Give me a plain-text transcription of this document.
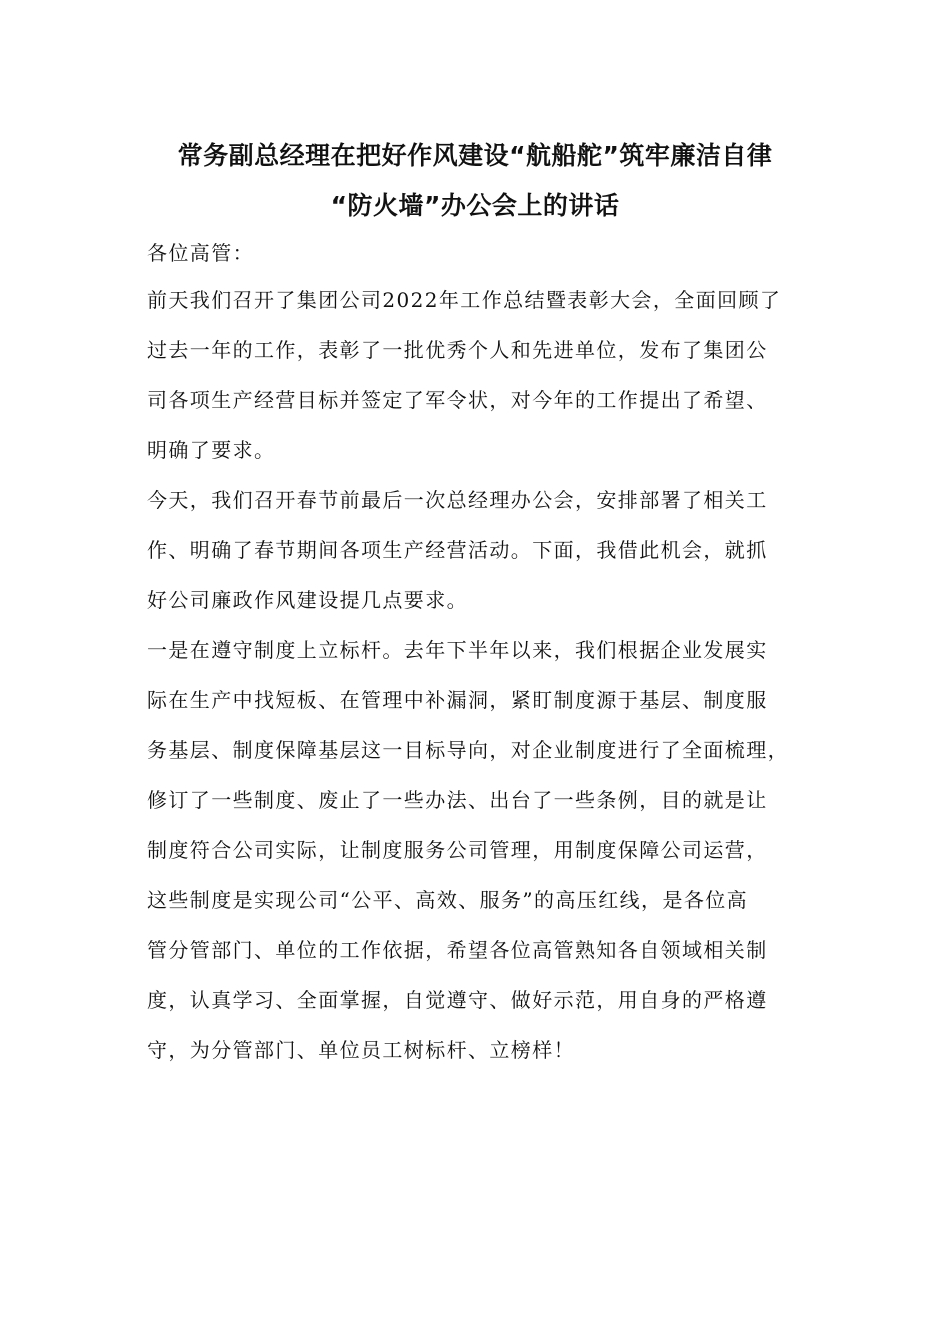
常务副总经理在把好作风建设“航船舵”筑牢廉洁自律
“防火墙”办公会上的讲话
各位高管：
前天我们召开了集团公司2022年工作总结暨表彰大会，全面回顾了
过去一年的工作，表彰了一批优秀个人和先进单位，发布了集团公
司各项生产经营目标并签定了军令状，对今年的工作提出了希望、
明确了要求。
今天，我们召开春节前最后一次总经理办公会，安排部署了相关工
作、明确了春节期间各项生产经营活动。下面，我借此机会，就抓
好公司廉政作风建设提几点要求。
一是在遵守制度上立标杆。去年下半年以来，我们根据企业发展实
际在生产中找短板、在管理中补漏洞，紧盯制度源于基层、制度服
务基层、制度保障基层这一目标导向，对企业制度进行了全面梳理，
修订了一些制度、废止了一些办法、出台了一些条例，目的就是让
制度符合公司实际，让制度服务公司管理，用制度保障公司运营，
这些制度是实现公司“公平、高效、服务”的高压红线，是各位高
管分管部门、单位的工作依据，希望各位高管熟知各自领域相关制
度，认真学习、全面掌握，自觉遵守、做好示范，用自身的严格遵
守，为分管部门、单位员工树标杆、立榜样！
